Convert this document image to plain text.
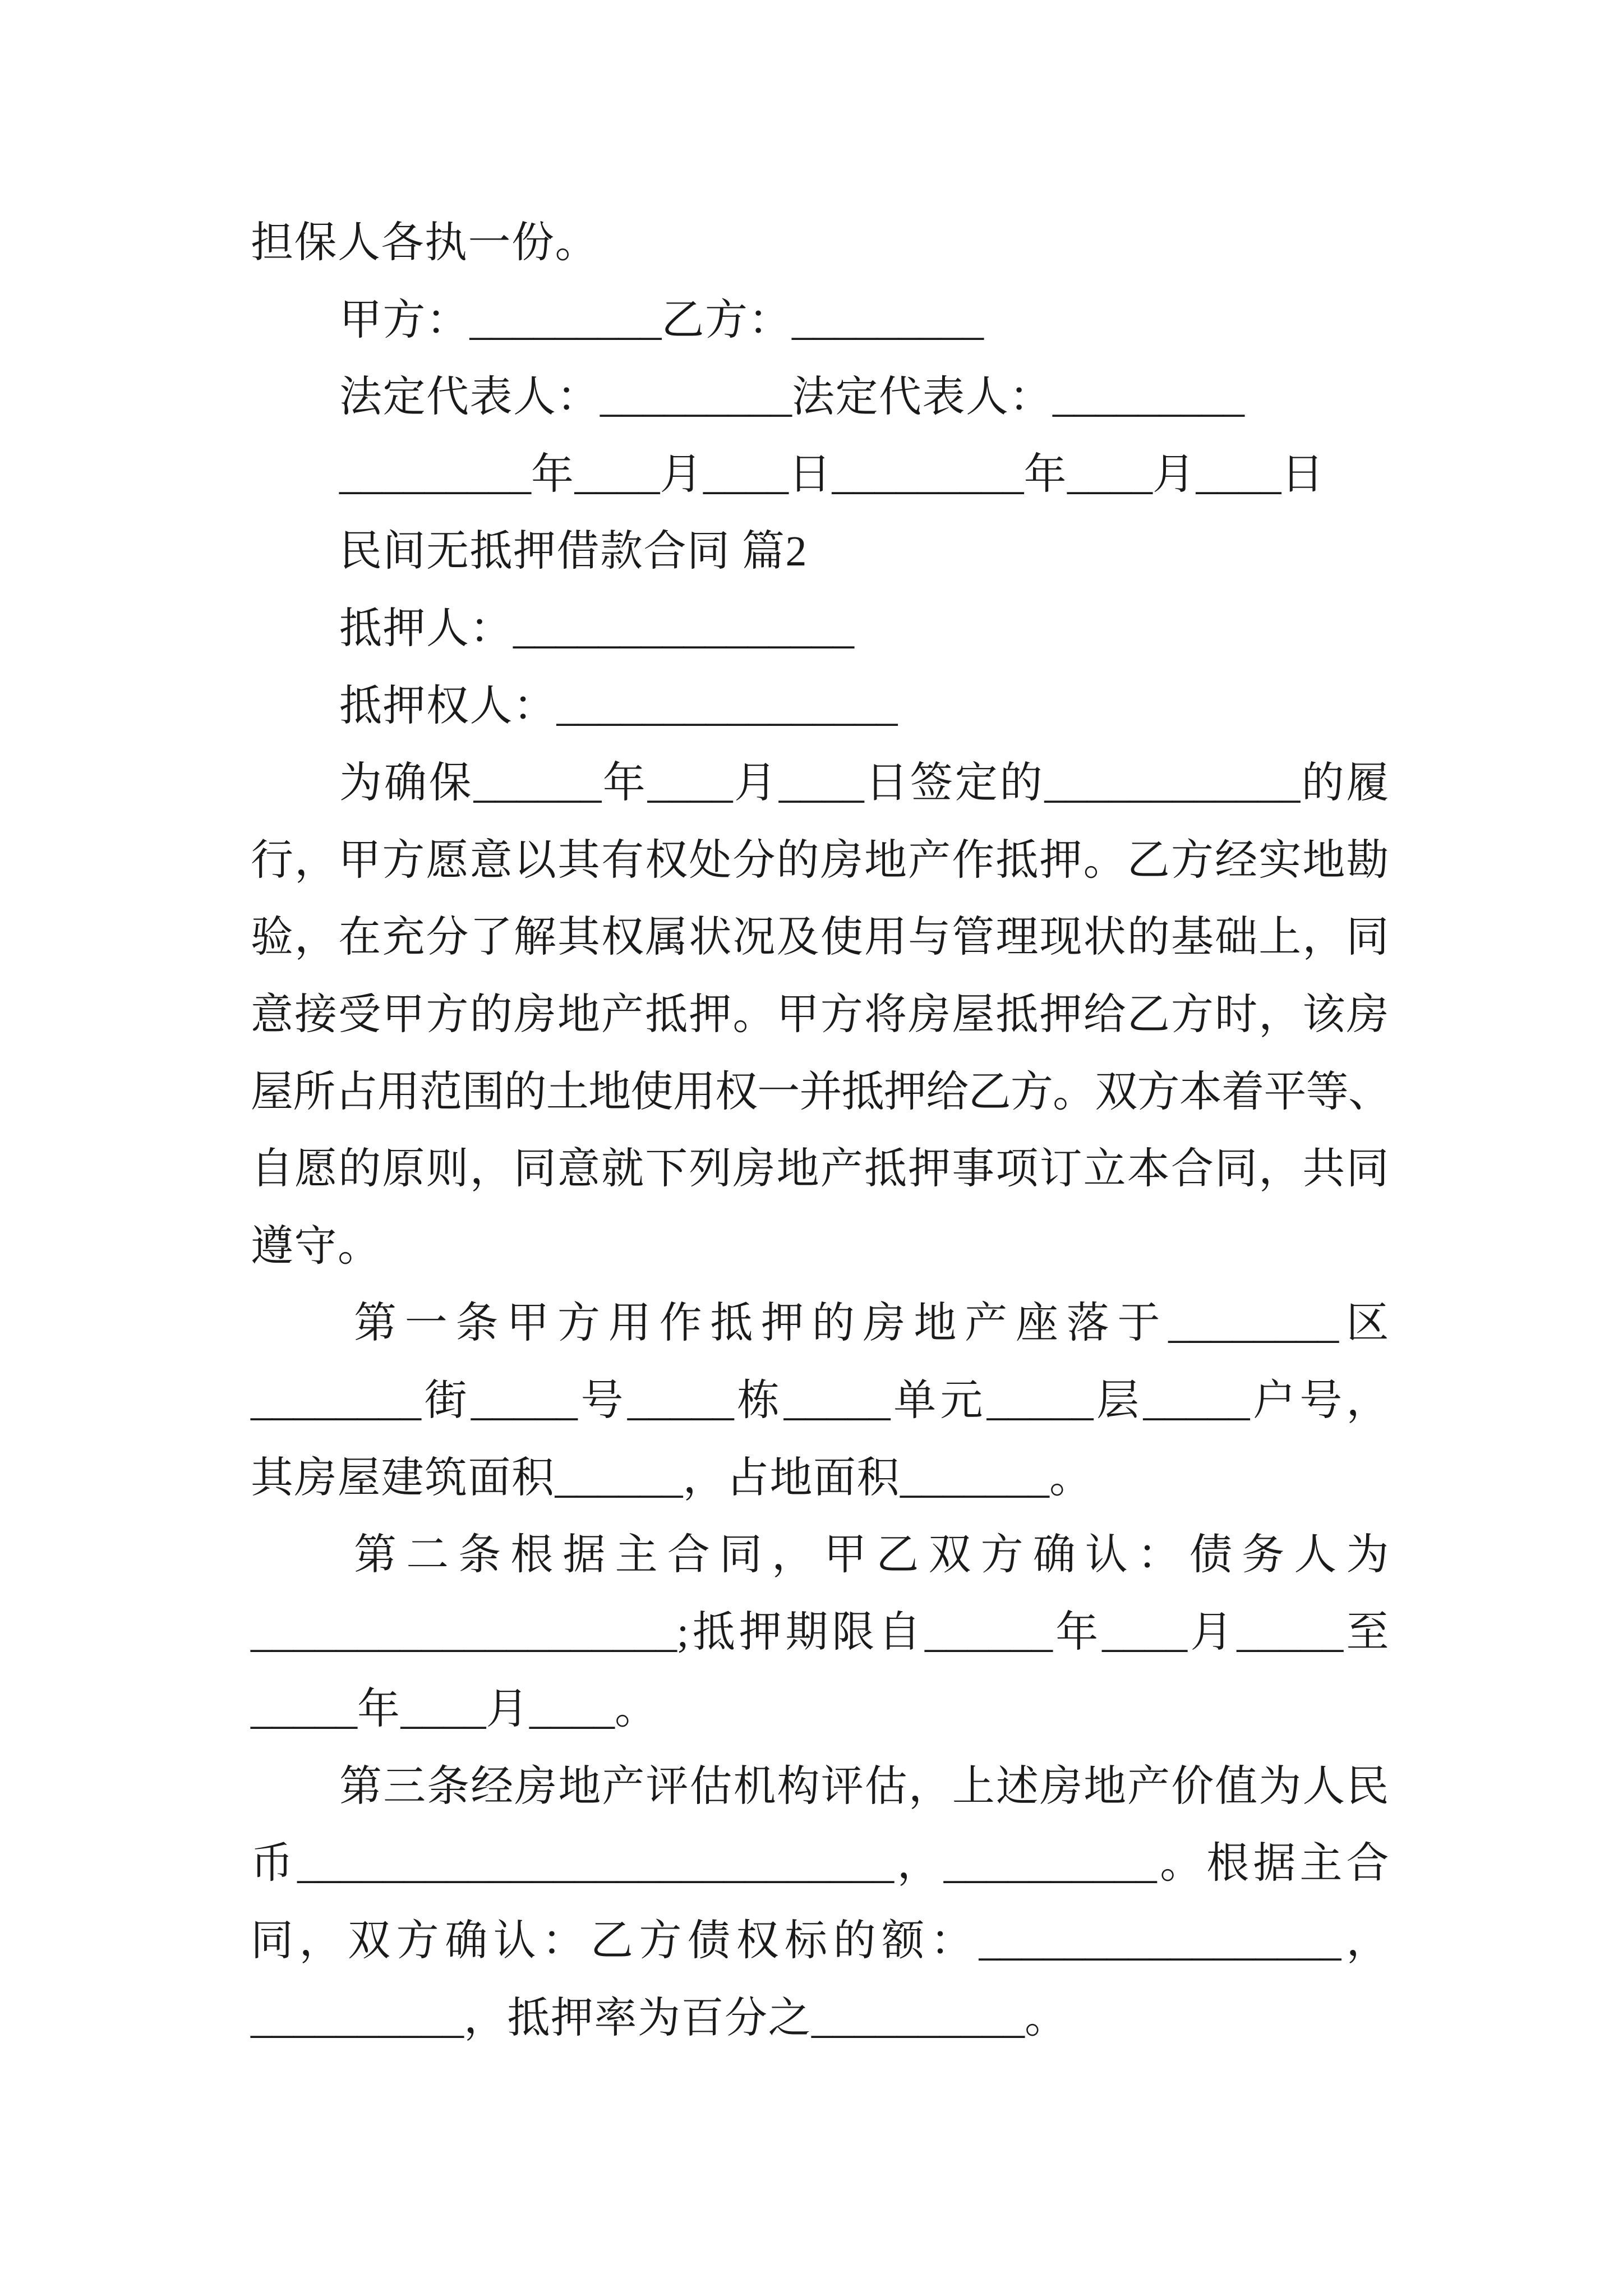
担保人各执一份。
甲方：_________乙方：_________
法定代表人：_________法定代表人：_________
_________年____月____日_________年____月____日
民间无抵押借款合同 篇2
抵押人：________________
抵押权人：________________
为确保______年____月____日签定的____________的履
行，甲方愿意以其有权处分的房地产作抵押。乙方经实地勘
验，在充分了解其权属状况及使用与管理现状的基础上，同
意接受甲方的房地产抵押。甲方将房屋抵押给乙方时，该房
屋所占用范围的土地使用权一并抵押给乙方。双方本着平等、
自愿的原则，同意就下列房地产抵押事项订立本合同，共同
遵守。
第一条甲方用作抵押的房地产座落于________区
________街_____号_____栋_____单元_____层_____户号，
其房屋建筑面积______，占地面积_______。
第二条根据主合同，甲乙双方确认：债务人为
____________________;抵押期限自______年____月_____至
_____年____月____。
第三条经房地产评估机构评估，上述房地产价值为人民
币____________________________，__________。根据主合
同，双方确认：乙方债权标的额：_________________，
__________，抵押率为百分之__________。
